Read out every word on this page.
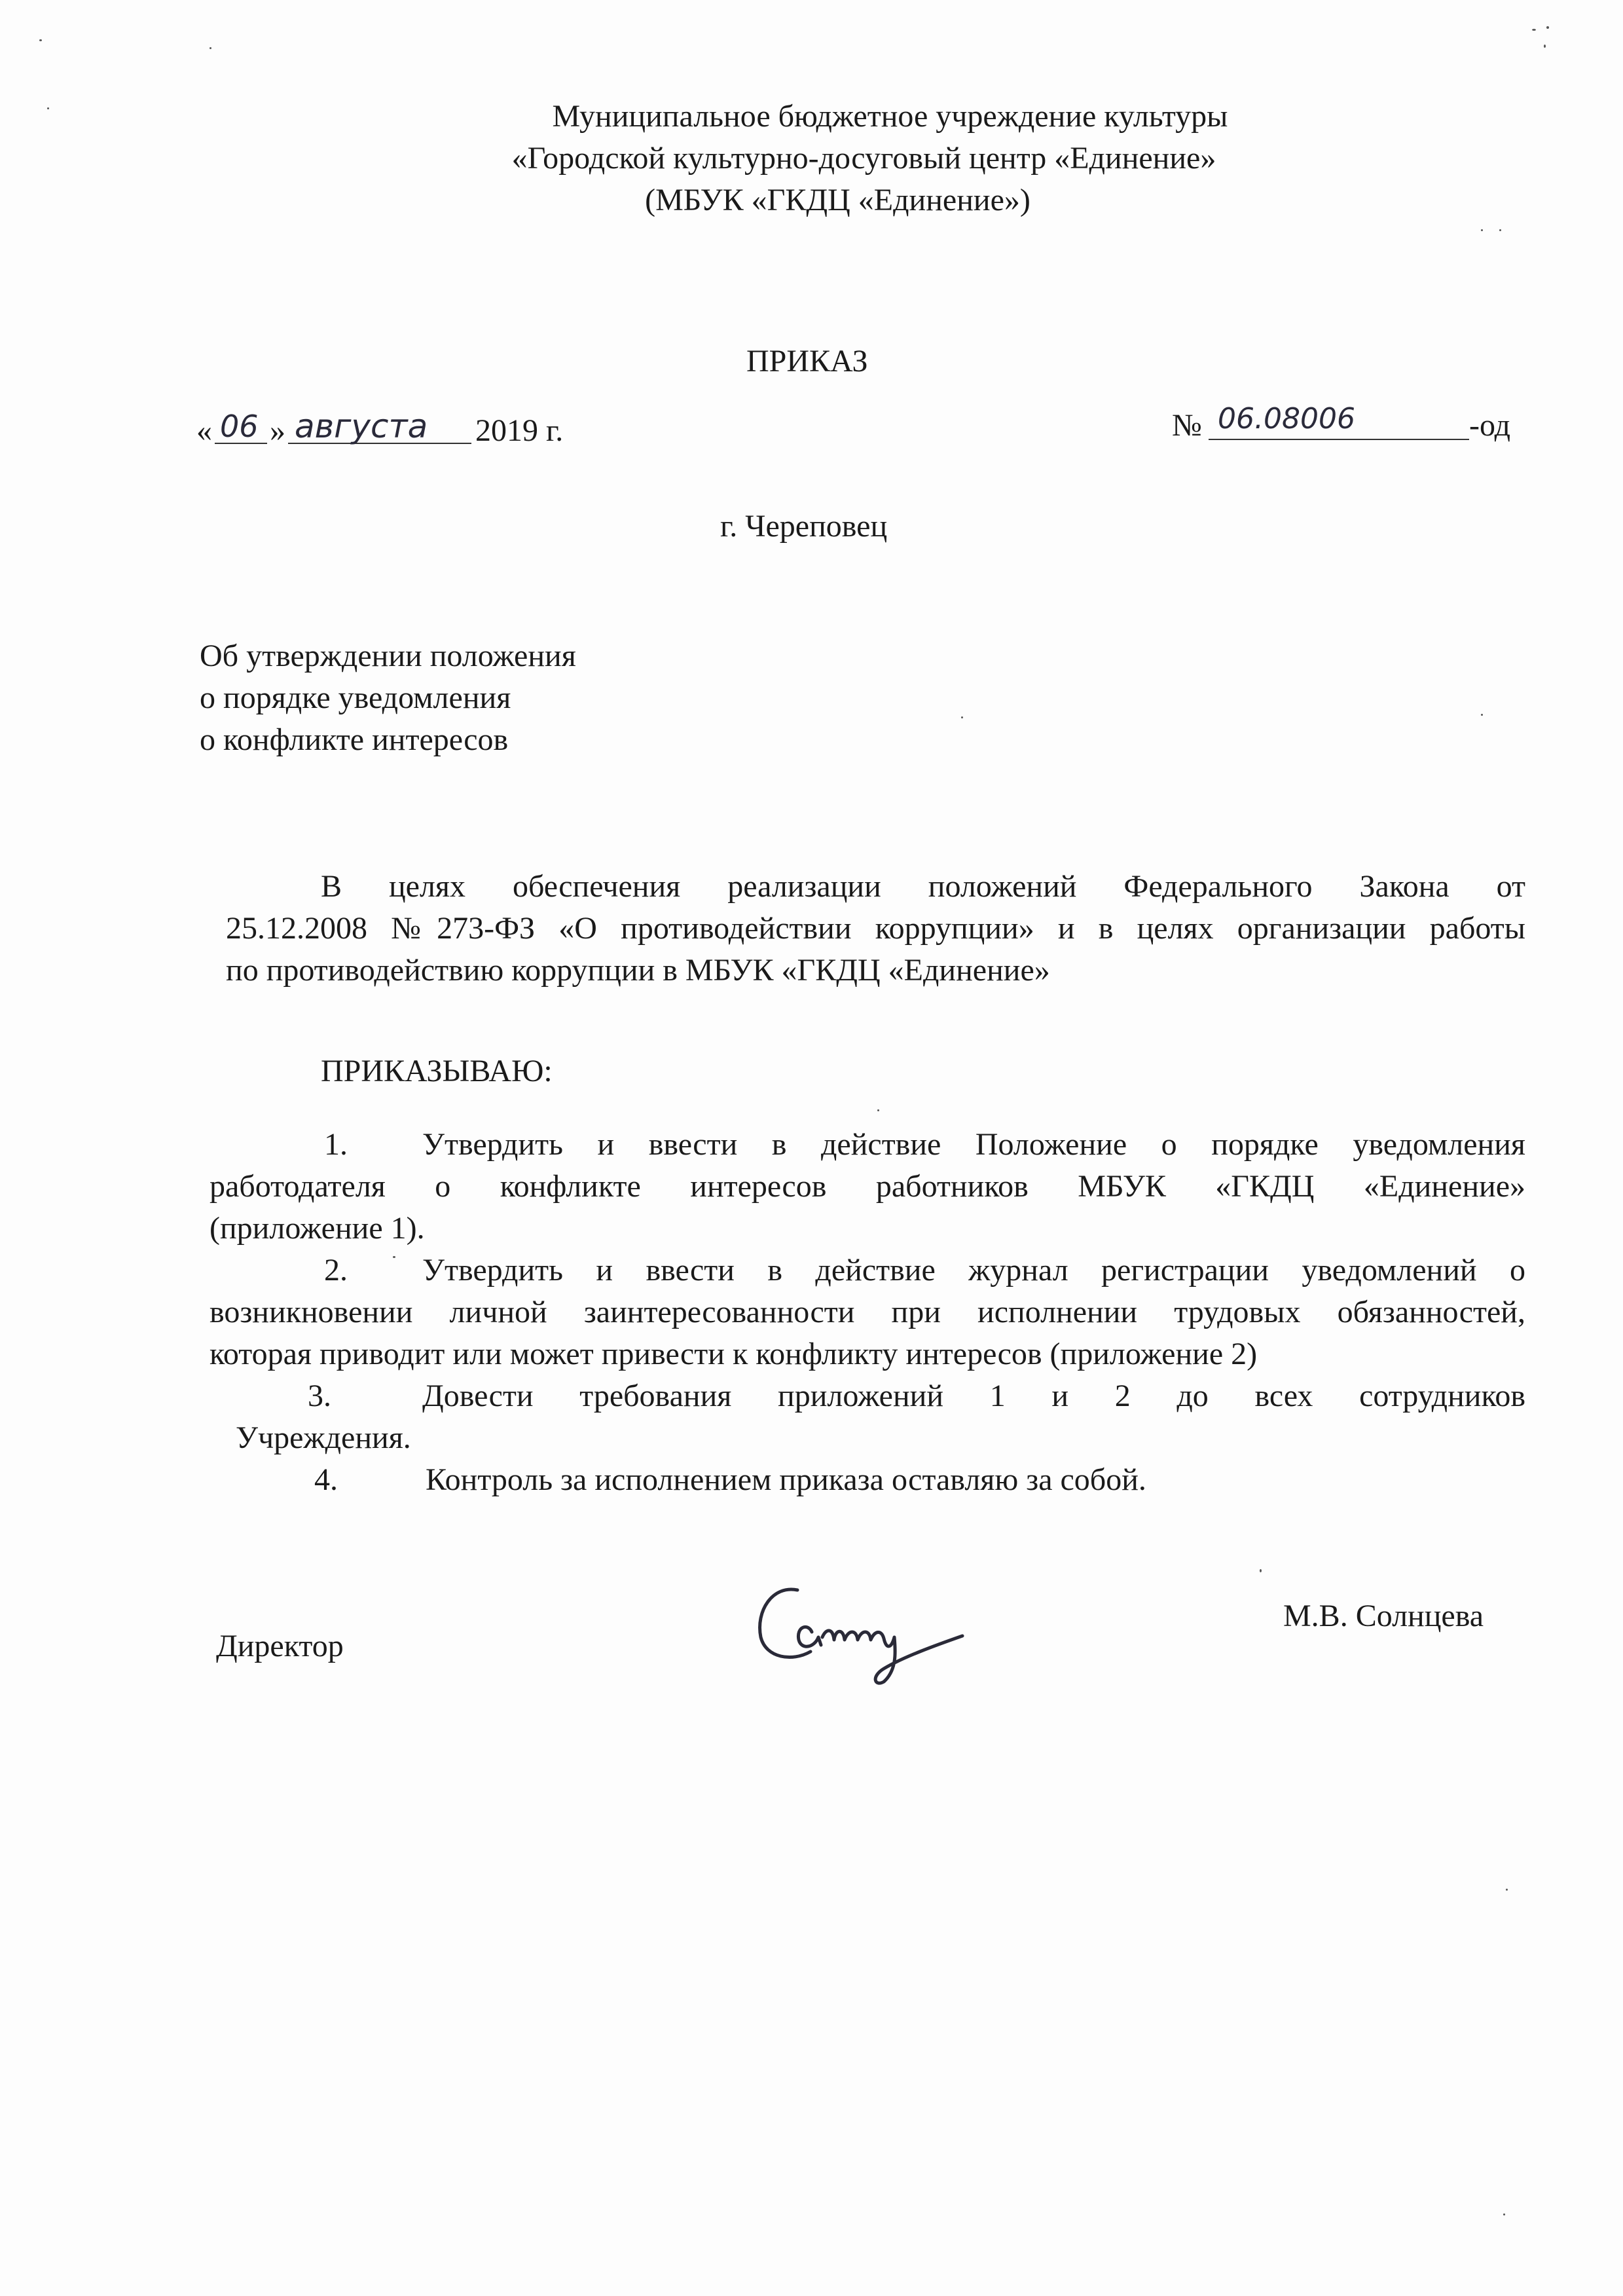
Муниципальное бюджетное учреждение культуры
«Городской культурно-досуговый центр «Единение»
(МБУК «ГКДЦ «Единение»)
ПРИКАЗ
« 06 » августа 2019 г.	№ 06.08006	-од
г. Череповец
Об утверждении положения
о порядке уведомления
о конфликте интересов
В целях обеспечения реализации положений Федерального Закона от
25.12.2008 №273-ФЗ «О противодействии коррупции» и в целях организации работы
по противодействию коррупции в МБУК «ГКДЦ «Единение»
ПРИКАЗЫВАЮ:
1. Утвердить и ввести в действие Положение о порядке уведомления
работодателя о конфликте интересов работников МБУК «ГКДЦ «Единение»
(приложение 1).
2. Утвердить и ввести в действие журнал регистрации уведомлений о
возникновении личной заинтересованности при исполнении трудовых обязанностей,
которая приводит или может привести к конфликту интересов (приложение 2)
3.	Довести требования приложений 1 и 2 до всех сотрудников
Учреждения.
4.	Контроль за исполнением приказа оставляю за собой.
Директор
М.В. Солнцева
